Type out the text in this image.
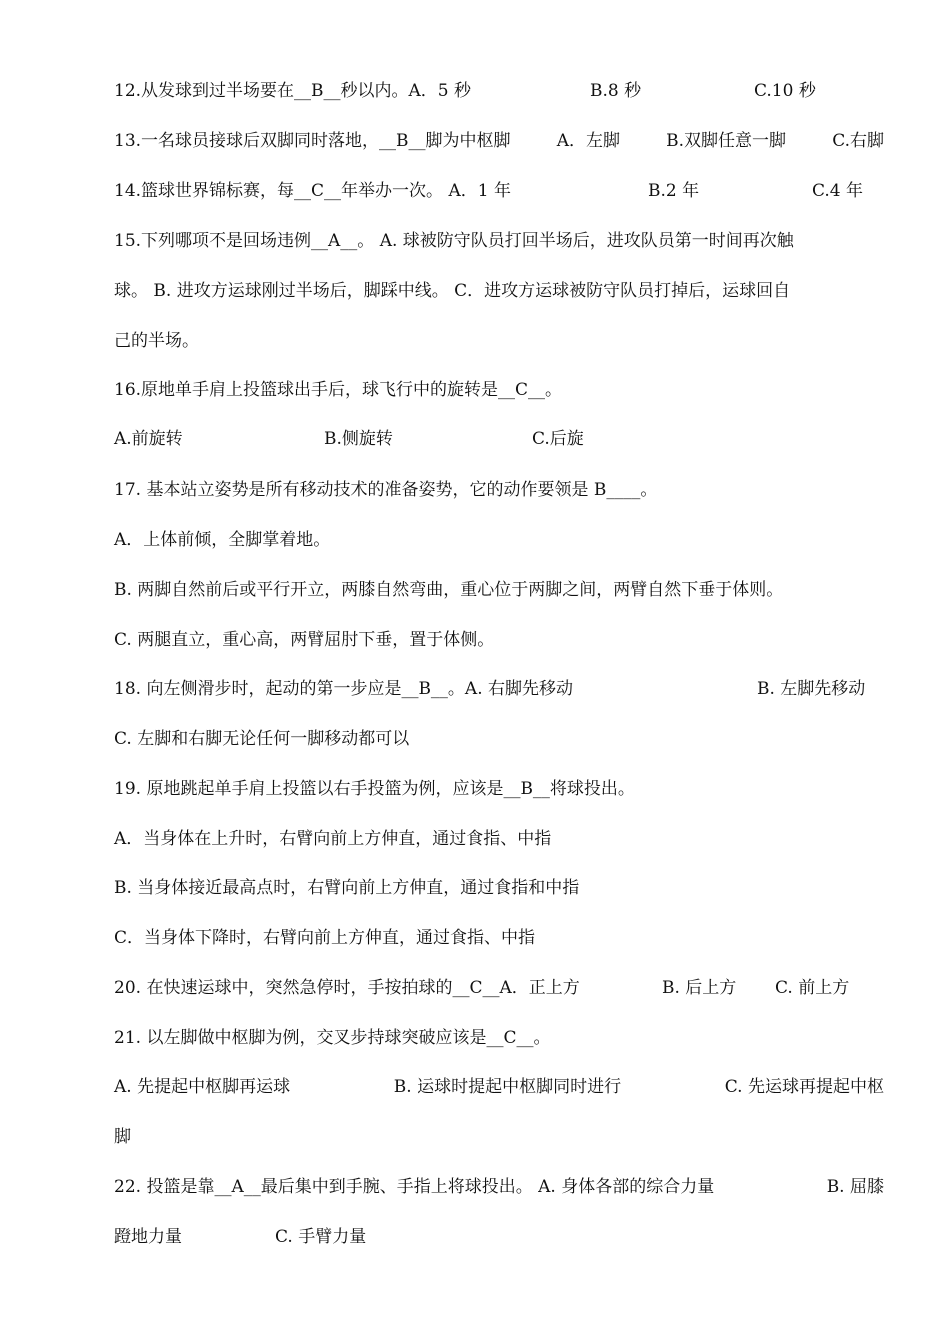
12.从发球到过半场要在__B__秒以内。A．5 秒	B.8 秒	C.10 秒
13.一名球员接球后双脚同时落地，__B__脚为中枢脚	A．左脚	B.双脚任意一脚	C.右脚
14.篮球世界锦标赛，每__C__年举办一次。 A．1 年	B.2 年	C.4 年
15.下列哪项不是回场违例__A__。 A. 球被防守队员打回半场后，进攻队员第一时间再次触
球。 B. 进攻方运球刚过半场后，脚踩中线。 C．进攻方运球被防守队员打掉后，运球回自
己的半场。
16.原地单手肩上投篮球出手后，球飞行中的旋转是__C__。
A.前旋转	B.侧旋转	C.后旋
17. 基本站立姿势是所有移动技术的准备姿势，它的动作要领是 B____。
A．上体前倾，全脚掌着地。
B. 两脚自然前后或平行开立，两膝自然弯曲，重心位于两脚之间，两臂自然下垂于体则。
C. 两腿直立，重心高，两臂屈肘下垂，置于体侧。
18. 向左侧滑步时，起动的第一步应是__B__。A. 右脚先移动	B. 左脚先移动
C. 左脚和右脚无论任何一脚移动都可以
19. 原地跳起单手肩上投篮以右手投篮为例，应该是__B__将球投出。
A．当身体在上升时，右臂向前上方伸直，通过食指、中指
B. 当身体接近最高点时，右臂向前上方伸直，通过食指和中指
C．当身体下降时，右臂向前上方伸直，通过食指、中指
20. 在快速运球中，突然急停时，手按拍球的__C__A．正上方	B. 后上方 C. 前上方
21. 以左脚做中枢脚为例，交叉步持球突破应该是__C__。
A. 先提起中枢脚再运球	B. 运球时提起中枢脚同时进行	C. 先运球再提起中枢
脚
22. 投篮是靠__A__最后集中到手腕、手指上将球投出。 A. 身体各部的综合力量	B. 屈膝
蹬地力量	C. 手臂力量
